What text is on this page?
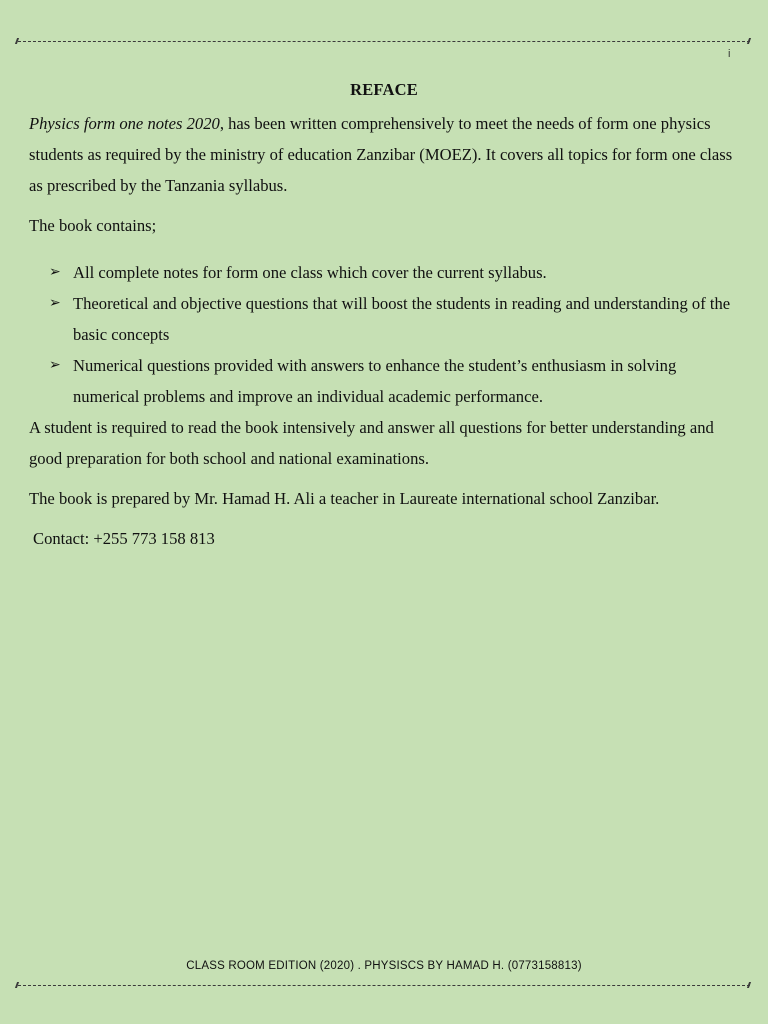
i
REFACE

Physics form one notes 2020, has been written comprehensively to meet the needs of form one physics students as required by the ministry of education Zanzibar (MOEZ). It covers all topics for form one class as prescribed by the Tanzania syllabus.

The book contains;

➢ All complete notes for form one class which cover the current syllabus.
➢ Theoretical and objective questions that will boost the students in reading and understanding of the basic concepts
➢ Numerical questions provided with answers to enhance the student’s enthusiasm in solving numerical problems and improve an individual academic performance.

A student is required to read the book intensively and answer all questions for better understanding and good preparation for both school and national examinations.

The book is prepared by Mr. Hamad H. Ali a teacher in Laureate international school Zanzibar.

Contact: +255 773 158 813

CLASS ROOM EDITION (2020) . PHYSISCS BY HAMAD H. (0773158813)
